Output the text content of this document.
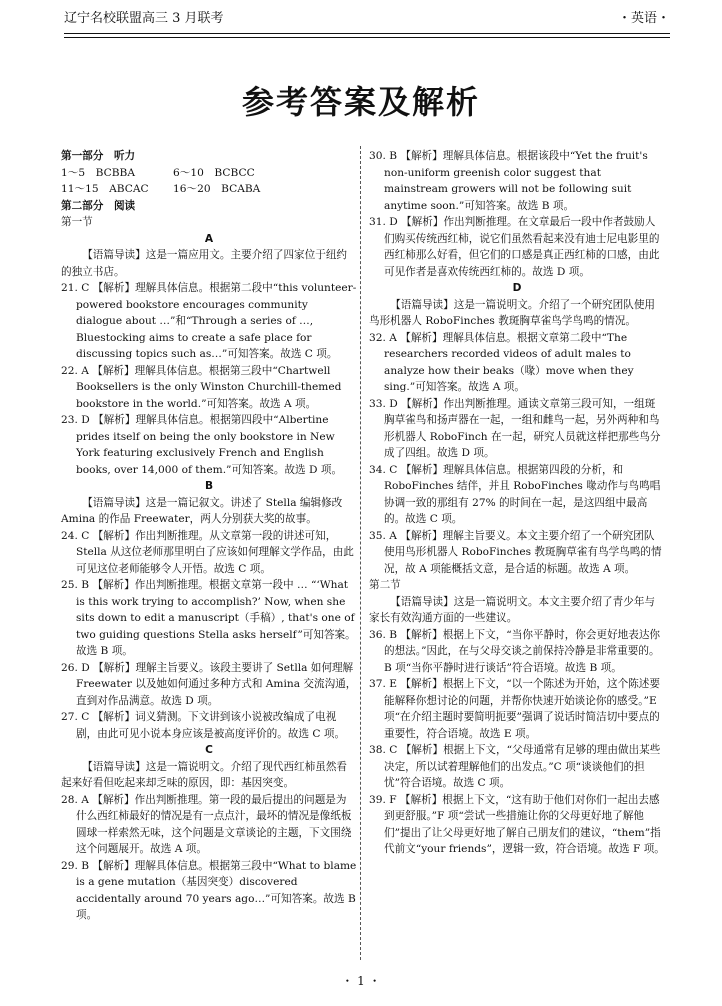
辽宁名校联盟高三 3 月联考	・英语・
参考答案及解析

第一部分　听力

1～5　BCBBA	6～10　BCBCC
11～15　ABCAC	16～20　BCABA

第二部分　阅读

第一节

A

【语篇导读】这是一篇应用文。主要介绍了四家位于纽约的独立书店。

21. C 【解析】理解具体信息。根据第二段中“this volunteer-powered bookstore encourages community dialogue about …”和“Through a series of …, Bluestocking aims to create a safe place for discussing topics such as…”可知答案。故选 C 项。

22. A 【解析】理解具体信息。根据第三段中“Chartwell Booksellers is the only Winston Churchill-themed bookstore in the world.”可知答案。故选 A 项。

23. D 【解析】理解具体信息。根据第四段中“Albertine prides itself on being the only bookstore in New York featuring exclusively French and English books, over 14,000 of them.”可知答案。故选 D 项。

B

【语篇导读】这是一篇记叙文。讲述了 Stella 编辑修改 Amina 的作品 Freewater，两人分别获大奖的故事。

24. C 【解析】作出判断推理。从文章第一段的讲述可知，Stella 从这位老师那里明白了应该如何理解文学作品，由此可见这位老师能够令人开悟。故选 C 项。

25. B 【解析】作出判断推理。根据文章第一段中 … “‘What is this work trying to accomplish?’ Now, when she sits down to edit a manuscript（手稿）, that's one of two guiding questions Stella asks herself”可知答案。故选 B 项。

26. D 【解析】理解主旨要义。该段主要讲了 Setlla 如何理解 Freewater 以及她如何通过多种方式和 Amina 交流沟通，直到对作品满意。故选 D 项。

27. C 【解析】词义猜测。下文讲到该小说被改编成了电视剧，由此可见小说本身应该是被高度评价的。故选 C 项。

C

【语篇导读】这是一篇说明文。介绍了现代西红柿虽然看起来好看但吃起来却乏味的原因，即：基因突变。

28. A 【解析】作出判断推理。第一段的最后提出的问题是为什么西红柿最好的情况是有一点点汁，最坏的情况是像纸板圆球一样索然无味，这个问题是文章谈论的主题，下文围绕这个问题展开。故选 A 项。

29. B 【解析】理解具体信息。根据第三段中“What to blame is a gene mutation（基因突变）discovered accidentally around 70 years ago…”可知答案。故选 B 项。

30. B 【解析】理解具体信息。根据该段中“Yet the fruit's non-uniform greenish color suggest that mainstream growers will not be following suit anytime soon.”可知答案。故选 B 项。

31. D 【解析】作出判断推理。在文章最后一段中作者鼓励人们购买传统西红柿，说它们虽然看起来没有迪士尼电影里的西红柿那么好看，但它们的口感是真正西红柿的口感，由此可见作者是喜欢传统西红柿的。故选 D 项。

D

【语篇导读】这是一篇说明文。介绍了一个研究团队使用鸟形机器人 RoboFinches 教斑胸草雀鸟学鸟鸣的情况。

32. A 【解析】理解具体信息。根据文章第二段中“The researchers recorded videos of adult males to analyze how their beaks（喙）move when they sing.”可知答案。故选 A 项。

33. D 【解析】作出判断推理。通读文章第三段可知，一组斑胸草雀鸟和扬声器在一起，一组和雌鸟一起，另外两种和鸟形机器人 RoboFinch 在一起，研究人员就这样把那些鸟分成了四组。故选 D 项。

34. C 【解析】理解具体信息。根据第四段的分析，和 RoboFinches 结伴，并且 RoboFinches 喙动作与鸟鸣唱协调一致的那组有 27% 的时间在一起，是这四组中最高的。故选 C 项。

35. A 【解析】理解主旨要义。本文主要介绍了一个研究团队使用鸟形机器人 RoboFinches 教斑胸草雀有鸟学鸟鸣的情况，故 A 项能概括文意，是合适的标题。故选 A 项。

第二节

【语篇导读】这是一篇说明文。本文主要介绍了青少年与家长有效沟通方面的一些建议。

36. B 【解析】根据上下文，“当你平静时，你会更好地表达你的想法。”因此，在与父母交谈之前保持冷静是非常重要的。B 项“当你平静时进行谈话”符合语境。故选 B 项。

37. E 【解析】根据上下文，“以一个陈述为开始，这个陈述要能解释你想讨论的问题，并帮你快速开始谈论你的感受。”E 项“在介绍主题时要简明扼要”强调了说话时简洁切中要点的重要性，符合语境。故选 E 项。

38. C 【解析】根据上下文，“父母通常有足够的理由做出某些决定，所以试着理解他们的出发点。”C 项“谈谈他们的担忧”符合语境。故选 C 项。

39. F 【解析】根据上下文，“这有助于他们对你们一起出去感到更舒服。”F 项“尝试一些措施让你的父母更好地了解他们”提出了让父母更好地了解自己朋友们的建议，“them”指代前文“your friends”，逻辑一致，符合语境。故选 F 项。

・ 1 ・
